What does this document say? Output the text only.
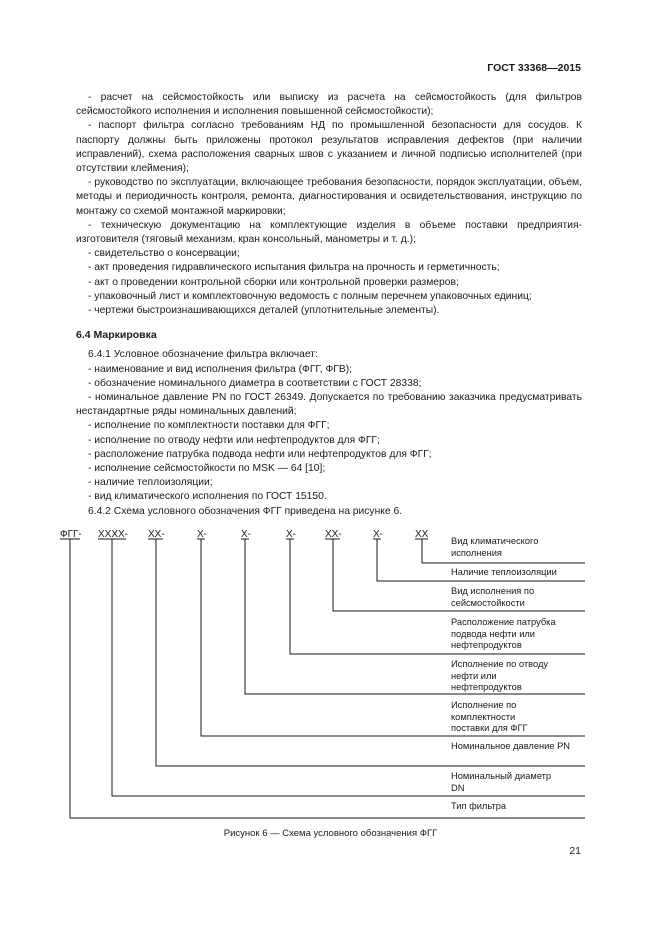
ГОСТ 33368—2015

- расчет на сейсмостойкость или выписку из расчета на сейсмостойкость (для фильтров сейсмостойкого исполнения и исполнения повышенной сейсмостойкости);

- паспорт фильтра согласно требованиям НД по промышленной безопасности для сосудов. К паспорту должны быть приложены протокол результатов исправления дефектов (при наличии исправлений), схема расположения сварных швов с указанием и личной подписью исполнителей (при отсутствии клеймения);

- руководство по эксплуатации, включающее требования безопасности, порядок эксплуатации, объем, методы и периодичность контроля, ремонта, диагностирования и освидетельствования, инструкцию по монтажу со схемой монтажной маркировки;

- техническую документацию на комплектующие изделия в объеме поставки предприятия-изготовителя (тяговый механизм, кран консольный, манометры и т. д.);

- свидетельство о консервации;

- акт проведения гидравлического испытания фильтра на прочность и герметичность;

- акт о проведении контрольной сборки или контрольной проверки размеров;

- упаковочный лист и комплектовочную ведомость с полным перечнем упаковочных единиц;

- чертежи быстроизнашивающихся деталей (уплотнительные элементы).

6.4 Маркировка

6.4.1 Условное обозначение фильтра включает:

- наименование и вид исполнения фильтра (ФГГ, ФГВ);

- обозначение номинального диаметра в соответствии с ГОСТ 28338;

- номинальное давление PN по ГОСТ 26349. Допускается по требованию заказчика предусматривать нестандартные ряды номинальных давлений;

- исполнение по комплектности поставки для ФГГ;

- исполнение по отводу нефти или нефтепродуктов для ФГГ;

- расположение патрубка подвода нефти или нефтепродуктов для ФГГ;

- исполнение сейсмостойкости по MSK — 64 [10];

- наличие теплоизоляции;

- вид климатического исполнения по ГОСТ 15150.

6.4.2 Схема условного обозначения ФГГ приведена на рисунке 6.

ФГГ- XXXX- XX-	X-	X-	X-	XX-	X-	XX
Вид климатического исполнения
Наличие теплоизоляции
Вид исполнения по сейсмостойкости
Расположение патрубка подвода нефти или нефтепродуктов
Исполнение по отводу нефти или нефтепродуктов
Исполнение по комплектности поставки для ФГГ
Номинальное давление PN
Номинальный диаметр DN
Тип фильтра
Рисунок 6 — Схема условного обозначения ФГГ
21
